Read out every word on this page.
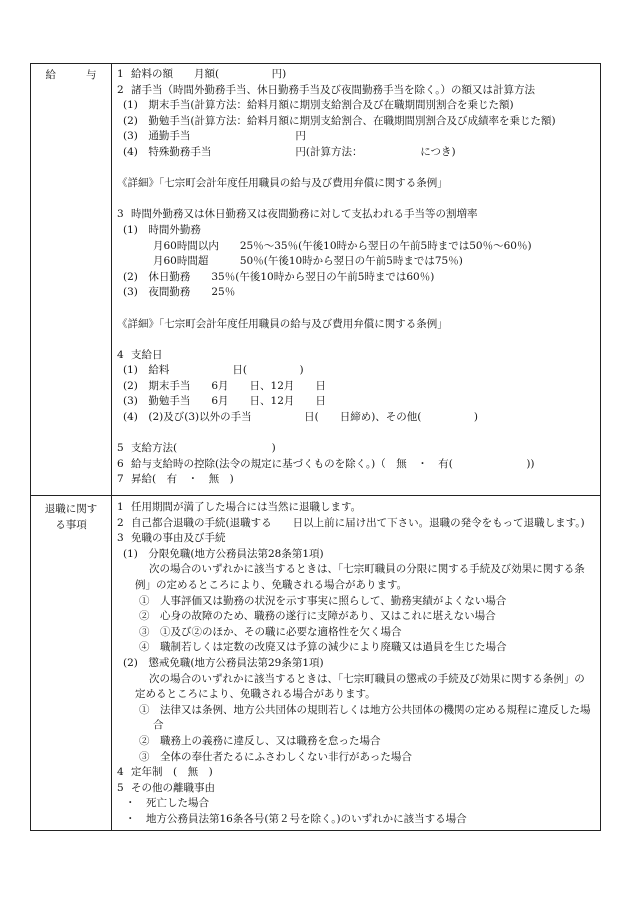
給	与	1 給料の額　　月額(　　　　　円)
2 諸手当（時間外勤務手当、休日勤務手当及び夜間勤務手当を除く。）の額又は計算方法
(1)　期末手当(計算方法：給料月額に期別支給割合及び在職期間別割合を乗じた額)
(2)　勤勉手当(計算方法：給料月額に期別支給割合、在職期間別割合及び成績率を乗じた額)
(3)　通勤手当　　　　　　　　　　円
(4)　特殊勤務手当　　　　　　　　円(計算方法：　　　　　　につき)
《詳細》「七宗町会計年度任用職員の給与及び費用弁償に関する条例」
3 時間外勤務又は休日勤務又は夜間勤務に対して支払われる手当等の割増率
(1)　時間外勤務
月60時間以内　　25％～35％(午後10時から翌日の午前5時までは50％～60％)
月60時間超　　　50％(午後10時から翌日の午前5時までは75％)
(2)　休日勤務　　35％(午後10時から翌日の午前5時までは60％)
(3)　夜間勤務　　25％
《詳細》「七宗町会計年度任用職員の給与及び費用弁償に関する条例」
4 支給日
(1)　給料　　　　　　日(　　　　　)
(2)　期末手当　　6月　　日、12月　　日
(3)　勤勉手当　　6月　　日、12月　　日
(4)　(2)及び(3)以外の手当　　　　　日(　　日締め)、その他(　　　　　)
5 支給方法(　　　　　　　　　)
6 給与支給時の控除(法令の規定に基づくものを除く。)（　無　・　有(　　　　　　　))
7 昇給(　有　・　無　)
退職に関す
る事項
1 任用期間が満了した場合には当然に退職します。
2 自己都合退職の手続(退職する　　日以上前に届け出て下さい。退職の発令をもって退職します。)
3 免職の事由及び手続
(1)　分限免職(地方公務員法第28条第1項)
次の場合のいずれかに該当するときは、「七宗町職員の分限に関する手続及び効果に関する条例」の定めるところにより、免職される場合があります。
①　人事評価又は勤務の状況を示す事実に照らして、勤務実績がよくない場合
②　心身の故障のため、職務の遂行に支障があり、又はこれに堪えない場合
③　①及び②のほか、その職に必要な適格性を欠く場合
④　職制若しくは定数の改廃又は予算の減少により廃職又は過員を生じた場合
(2)　懲戒免職(地方公務員法第29条第1項)
次の場合のいずれかに該当するときは、「七宗町職員の懲戒の手続及び効果に関する条例」の定めるところにより、免職される場合があります。
①　法律又は条例、地方公共団体の規則若しくは地方公共団体の機関の定める規程に違反した場合
②　職務上の義務に違反し、又は職務を怠った場合
③　全体の奉仕者たるにふさわしくない非行があった場合
4 定年制　(　無　)
5 その他の離職事由
・　死亡した場合
・　地方公務員法第16条各号(第２号を除く。)のいずれかに該当する場合
